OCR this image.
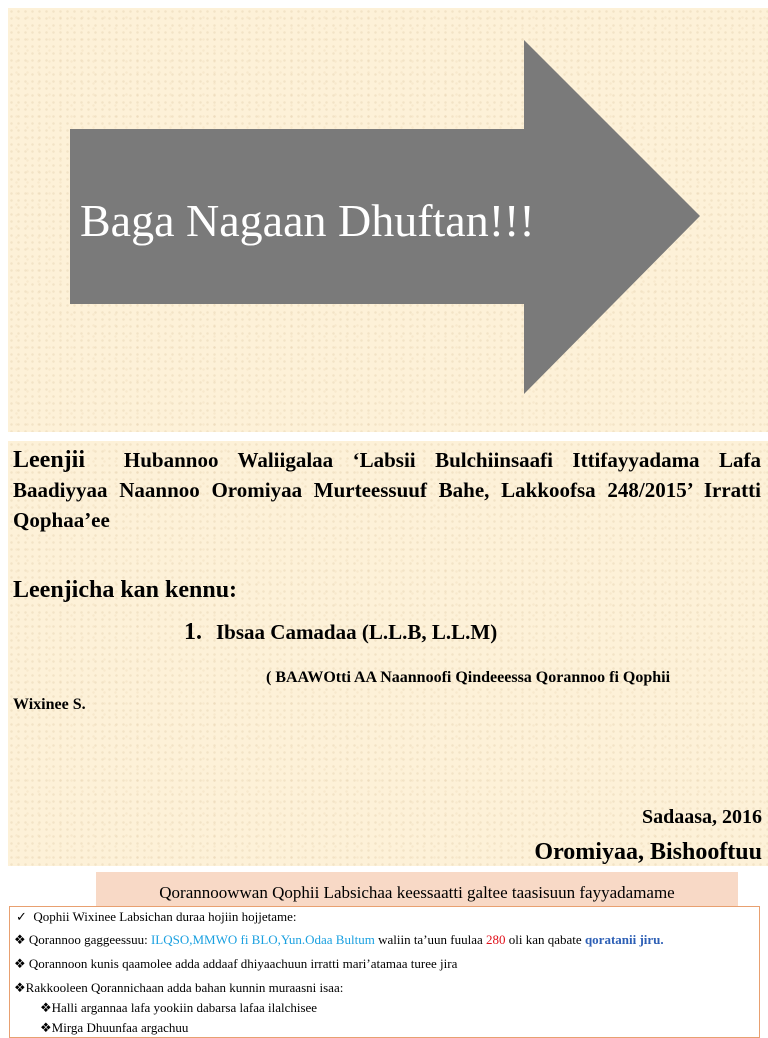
Baga Nagaan Dhuftan!!!
Leenjii Hubannoo Waliigalaa ‘Labsii Bulchiinsaafi Ittifayyadama Lafa Baadiyyaa Naannoo Oromiyaa Murteessuuf Bahe, Lakkoofsa 248/2015’ Irratti Qophaa’ee
Leenjicha kan kennu:
1. Ibsaa Camadaa (L.L.B, L.L.M)
( BAAWOtti AA Naannoofi Qindeeessa Qorannoo fi Qophii
Wixinee S.
Sadaasa, 2016
Oromiyaa, Bishooftuu
Qorannoowwan Qophii Labsichaa keessaatti galtee taasisuun fayyadamame
✓ Qophii Wixinee Labsichan duraa hojiin hojjetame:
❖ Qorannoo gaggeessuu: ILQSO,MMWO fi BLO,Yun.Odaa Bultum waliin ta’uun fuulaa 280 oli kan qabate qoratanii jiru.
❖ Qorannoon kunis qaamolee adda addaaf dhiyaachuun irratti mari’atamaa turee jira
❖Rakkooleen Qorannichaan adda bahan kunnin muraasni isaa:
❖Halli argannaa lafa yookiin dabarsa lafaa ilalchisee
❖Mirga Dhuunfaa argachuu
